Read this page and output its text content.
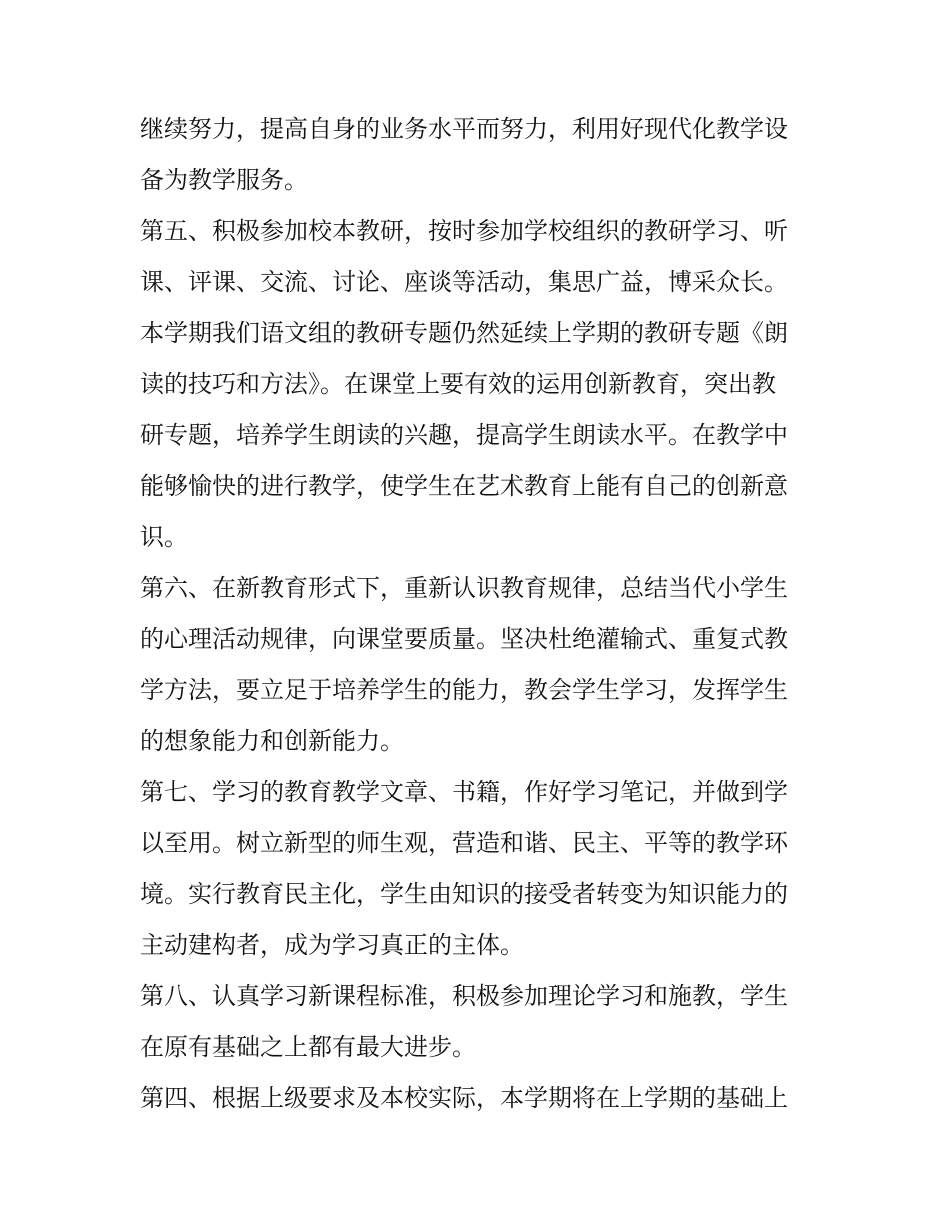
继续努力，提高自身的业务水平而努力，利用好现代化教学设
备为教学服务。
第五、积极参加校本教研，按时参加学校组织的教研学习、听
课、评课、交流、讨论、座谈等活动，集思广益，博采众长。
本学期我们语文组的教研专题仍然延续上学期的教研专题《朗
读的技巧和方法》。在课堂上要有效的运用创新教育，突出教
研专题，培养学生朗读的兴趣，提高学生朗读水平。在教学中
能够愉快的进行教学，使学生在艺术教育上能有自己的创新意
识。
第六、在新教育形式下，重新认识教育规律，总结当代小学生
的心理活动规律，向课堂要质量。坚决杜绝灌输式、重复式教
学方法，要立足于培养学生的能力，教会学生学习，发挥学生
的想象能力和创新能力。
第七、学习的教育教学文章、书籍，作好学习笔记，并做到学
以至用。树立新型的师生观，营造和谐、民主、平等的教学环
境。实行教育民主化，学生由知识的接受者转变为知识能力的
主动建构者，成为学习真正的主体。
第八、认真学习新课程标准，积极参加理论学习和施教，学生
在原有基础之上都有最大进步。
第四、根据上级要求及本校实际，本学期将在上学期的基础上
